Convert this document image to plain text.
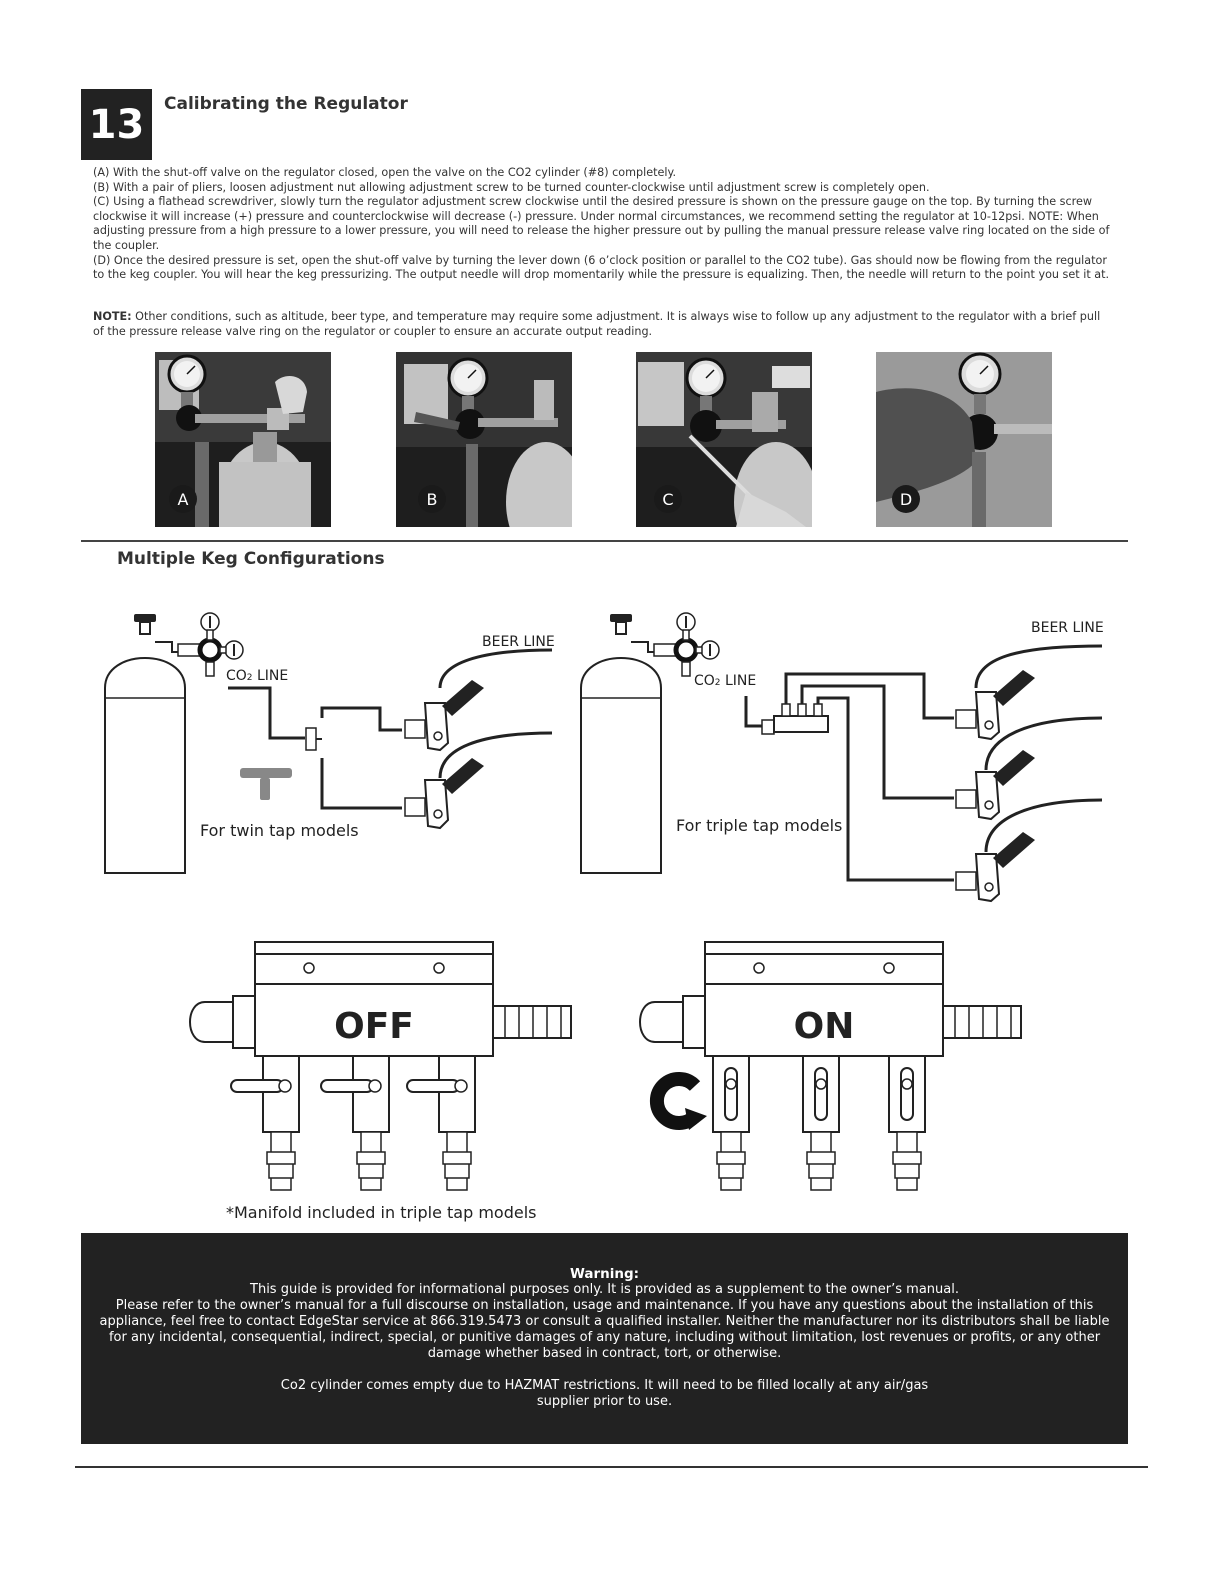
13 Calibrating the Regulator

(A) With the shut-off valve on the regulator closed, open the valve on the CO2 cylinder (#8) completely.

(B) With a pair of pliers, loosen adjustment nut allowing adjustment screw to be turned counter-clockwise until adjustment screw is completely open.

(C) Using a flathead screwdriver, slowly turn the regulator adjustment screw clockwise until the desired pressure is shown on the pressure gauge on the top. By turning the screw clockwise it will increase (+) pressure and counterclockwise will decrease (-) pressure. Under normal circumstances, we recommend setting the regulator at 10-12psi. NOTE: When adjusting pressure from a high pressure to a lower pressure, you will need to release the higher pressure out by pulling the manual pressure release valve ring located on the side of the coupler.

(D) Once the desired pressure is set, open the shut-off valve by turning the lever down (6 o’clock position or parallel to the CO2 tube). Gas should now be flowing from the regulator to the keg coupler. You will hear the keg pressurizing. The output needle will drop momentarily while the pressure is equalizing. Then, the needle will return to the point you set it at.

NOTE: Other conditions, such as altitude, beer type, and temperature may require some adjustment. It is always wise to follow up any adjustment to the regulator with a brief pull of the pressure release valve ring on the regulator or coupler to ensure an accurate output reading.
A	B	C	D
Multiple Keg Configurations
BEER LINE
CO2 LINE
For twin tap models
BEER LINE
CO2 LINE
For triple tap models
OFF	ON
*Manifold included in triple tap models
Warning:
This guide is provided for informational purposes only. It is provided as a supplement to the owner’s manual.
Please refer to the owner’s manual for a full discourse on installation, usage and maintenance. If you have any questions about the installation of this appliance, feel free to contact EdgeStar service at 866.319.5473 or consult a qualified installer. Neither the manufacturer nor its distributors shall be liable for any incidental, consequential, indirect, special, or punitive damages of any nature, including without limitation, lost revenues or profits, or any other damage whether based in contract, tort, or otherwise.
Co2 cylinder comes empty due to HAZMAT restrictions. It will need to be filled locally at any air/gas
supplier prior to use.
